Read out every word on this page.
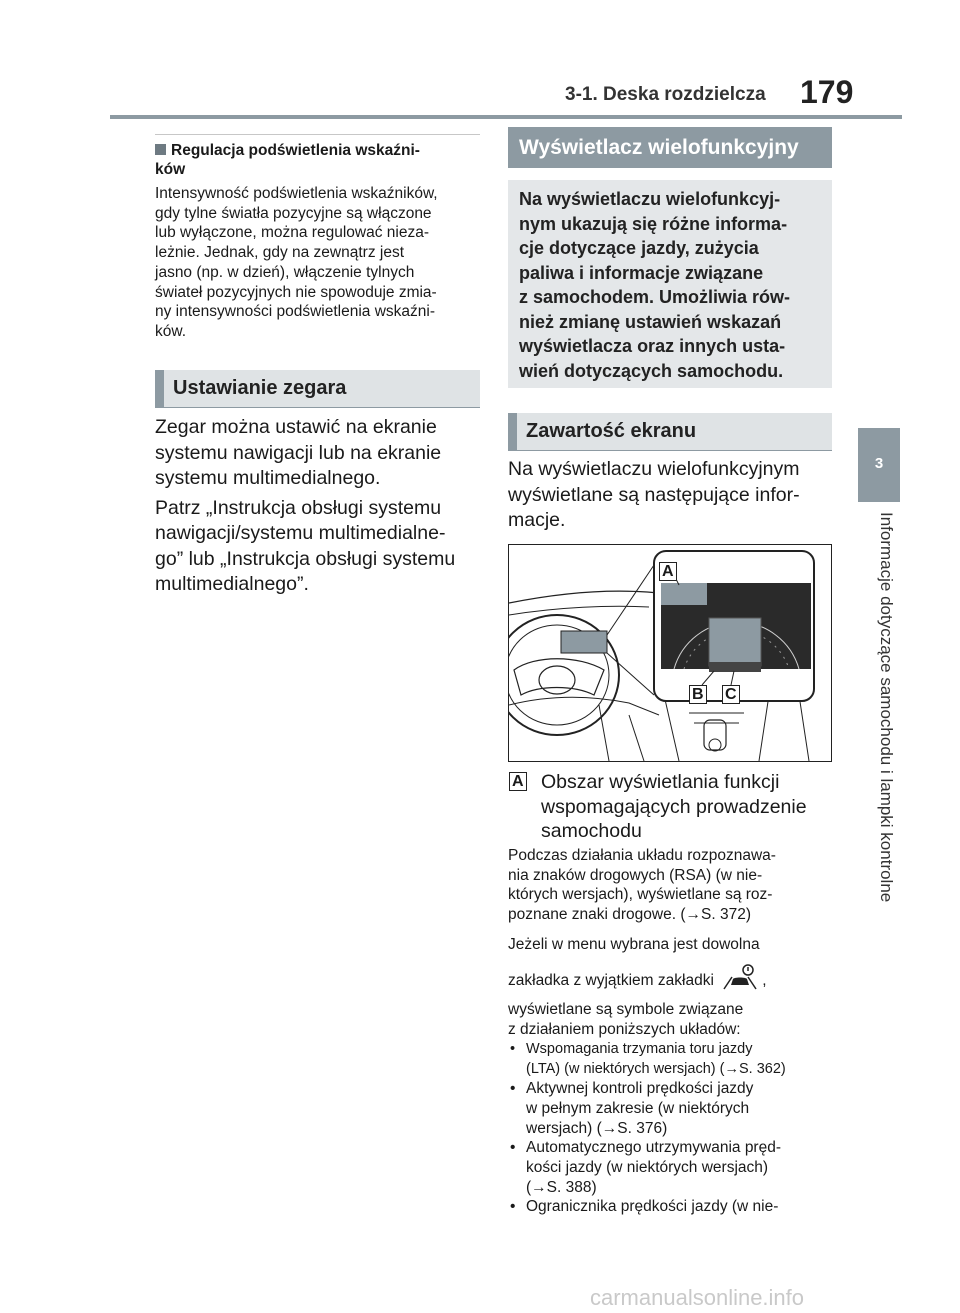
3-1. Deska rozdzielcza 179
3
Informacje dotyczące samochodu i lampki kontrolne
Regulacja podświetlenia wskaźni-
ków
Intensywność podświetlenia wskaźników,
gdy tylne światła pozycyjne są włączone
lub wyłączone, można regulować nieza-
leżnie. Jednak, gdy na zewnątrz jest
jasno (np. w dzień), włączenie tylnych
świateł pozycyjnych nie spowoduje zmia-
ny intensywności podświetlenia wskaźni-
ków.
Ustawianie zegara

Zegar można ustawić na ekranie
systemu nawigacji lub na ekranie
systemu multimedialnego.

Patrz „Instrukcja obsługi systemu
nawigacji/systemu multimedialne-
go” lub „Instrukcja obsługi systemu
multimedialnego”.

Wyświetlacz wielofunkcyjny
Na wyświetlaczu wielofunkcyj-
nym ukazują się różne informa-
cje dotyczące jazdy, zużycia
paliwa i informacje związane
z samochodem. Umożliwia rów-
nież zmianę ustawień wskazań
wyświetlacza oraz innych usta-
wień dotyczących samochodu.
Zawartość ekranu
Na wyświetlaczu wielofunkcyjnym
wyświetlane są następujące infor-
macje.
A
B C
A Obszar wyświetlania funkcji
wspomagających prowadzenie
samochodu
Podczas działania układu rozpoznawa-
nia znaków drogowych (RSA) (w nie-
których wersjach), wyświetlane są roz-
poznane znaki drogowe. (→S. 372)
Jeżeli w menu wybrana jest dowolna
zakładka z wyjątkiem zakładki	,
wyświetlane są symbole związane
z działaniem poniższych układów:
• Wspomagania trzymania toru jazdy
(LTA) (w niektórych wersjach) (→S. 362)
• Aktywnej kontroli prędkości jazdy
w pełnym zakresie (w niektórych
wersjach) (→S. 376)
• Automatycznego utrzymywania pręd-
kości jazdy (w niektórych wersjach)
(→S. 388)
• Ogranicznika prędkości jazdy (w nie-
carmanualsonline.info
